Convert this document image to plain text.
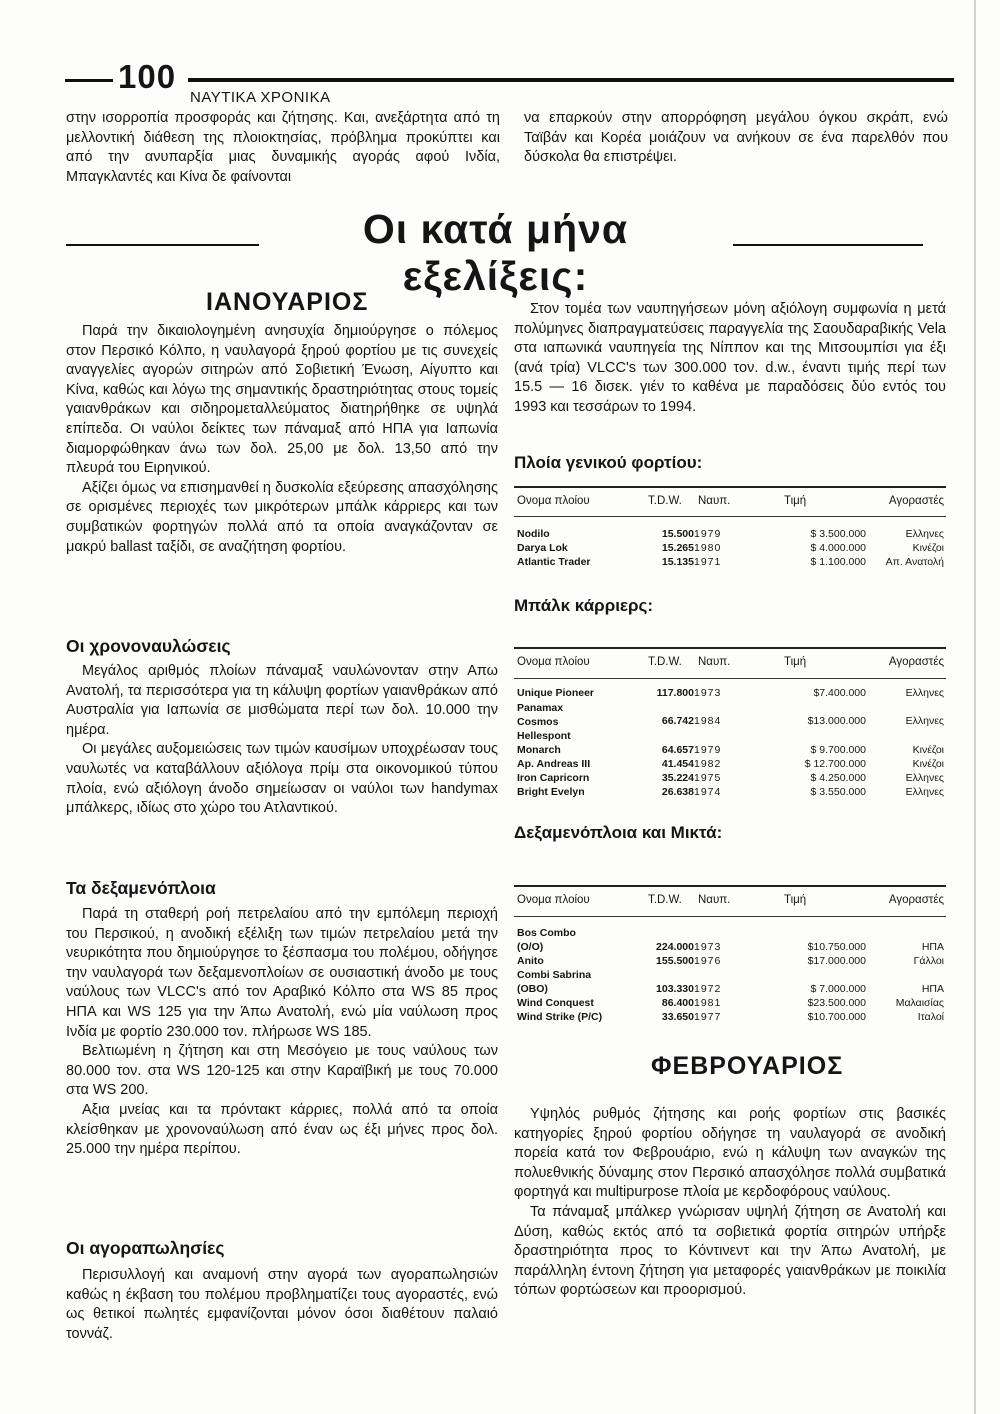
100
ΝΑΥΤΙΚΑ ΧΡΟΝΙΚΑ

στην ισορροπία προσφοράς και ζήτησης. Και, ανεξάρτητα από τη μελλοντική διάθεση της πλοιοκτησίας, πρόβλημα προκύπτει και από την ανυπαρξία μιας δυναμικής αγοράς αφού Ινδία, Μπαγκλαντές και Κίνα δε φαίνονται

να επαρκούν στην απορρόφηση μεγάλου όγκου σκράπ, ενώ Ταϊβάν και Κορέα μοιάζουν να ανήκουν σε ένα παρελθόν που δύσκολα θα επιστρέψει.

Οι κατά μήνα εξελίξεις:
ΙΑΝΟΥΑΡΙΟΣ

Παρά την δικαιολογημένη ανησυχία δημιούργησε ο πόλεμος στον Περσικό Κόλπο, η ναυλαγορά ξηρού φορτίου με τις συνεχείς αναγγελίες αγορών σιτηρών από Σοβιετική Ένωση, Αίγυπτο και Κίνα, καθώς και λόγω της σημαντικής δραστηριότητας στους τομείς γαιανθράκων και σιδηρομεταλλεύματος διατηρήθηκε σε υψηλά επίπεδα. Οι ναύλοι δείκτες των πάναμαξ από ΗΠΑ για Ιαπωνία διαμορφώθηκαν άνω των δολ. 25,00 με δολ. 13,50 από την πλευρά του Ειρηνικού.

Αξίζει όμως να επισημανθεί η δυσκολία εξεύρεσης απασχόλησης σε ορισμένες περιοχές των μικρότερων μπάλκ κάρριερς και των συμβατικών φορτηγών πολλά από τα οποία αναγκάζονταν σε μακρύ ballast ταξίδι, σε αναζήτηση φορτίου.

Οι χρονοναυλώσεις

Μεγάλος αριθμός πλοίων πάναμαξ ναυλώνονταν στην Απω Ανατολή, τα περισσότερα για τη κάλυψη φορτίων γαιανθράκων από Αυστραλία για Ιαπωνία σε μισθώματα περί των δολ. 10.000 την ημέρα.

Οι μεγάλες αυξομειώσεις των τιμών καυσίμων υποχρέωσαν τους ναυλωτές να καταβάλλουν αξιόλογα πρίμ στα οικονομικού τύπου πλοία, ενώ αξιόλογη άνοδο σημείωσαν οι ναύλοι των handymax μπάλκερς, ιδίως στο χώρο του Ατλαντικού.

Τα δεξαμενόπλοια

Παρά τη σταθερή ροή πετρελαίου από την εμπόλεμη περιοχή του Περσικού, η ανοδική εξέλιξη των τιμών πετρελαίου μετά την νευρικότητα που δημιούργησε το ξέσπασμα του πολέμου, οδήγησε την ναυλαγορά των δεξαμενοπλοίων σε ουσιαστική άνοδο με τους ναύλους των VLCC's από τον Αραβικό Κόλπο στα WS 85 προς ΗΠΑ και WS 125 για την Άπω Ανατολή, ενώ μία ναύλωση προς Ινδία με φορτίο 230.000 τον. πλήρωσε WS 185.

Βελτιωμένη η ζήτηση και στη Μεσόγειο με τους ναύλους των 80.000 τον. στα WS 120-125 και στην Καραϊβική με τους 70.000 στα WS 200.

Αξια μνείας και τα πρόντακτ κάρριες, πολλά από τα οποία κλείσθηκαν με χρονοναύλωση από έναν ως έξι μήνες προς δολ. 25.000 την ημέρα περίπου.

Οι αγοραπωλησίες

Περισυλλογή και αναμονή στην αγορά των αγοραπωλησιών καθώς η έκβαση του πολέμου προβληματίζει τους αγοραστές, ενώ ως θετικοί πωλητές εμφανίζονται μόνον όσοι διαθέτουν παλαιό τοννάζ.

Στον τομέα των ναυπηγήσεων μόνη αξιόλογη συμφωνία η μετά πολύμηνες διαπραγματεύσεις παραγγελία της Σαουδαραβικής Vela στα ιαπωνικά ναυπηγεία της Νίππον και της Μιτσουμπίσι για έξι (ανά τρία) VLCC's των 300.000 τον. d.w., έναντι τιμής περί των 15.5 — 16 δισεκ. γιέν το καθένα με παραδόσεις δύο εντός του 1993 και τεσσάρων το 1994.

Πλοία γενικού φορτίου:
Ονομα πλοίου	T.D.W. Ναυπ.	Τιμή	Αγοραστές
Nodilo	15.500 1979	$ 3.500.000	Ελληνες
Darya Lok	15.265 1980	$ 4.000.000	Κινέζοι
Atlantic Trader	15.135 1971	$ 1.100.000 Απ. Ανατολή
Μπάλκ κάρριερς:
Ονομα πλοίου	T.D.W. Ναυπ.	Τιμή	Αγοραστές
Unique Pioneer	117.800 1973	$7.400.000	Ελληνες
Panamax Cosmos	66.742 1984	$13.000.000	Ελληνες
Hellespont Monarch	64.657 1979	$ 9.700.000	Κινέζοι
Ap. Andreas III	41.454 1982	$ 12.700.000	Κινέζοι
Iron Capricorn	35.224 1975	$ 4.250.000	Ελληνες
Bright Evelyn	26.638 1974	$ 3.550.000	Ελληνες
Δεξαμενόπλοια και Μικτά:
Ονομα πλοίου	T.D.W. Ναυπ.	Τιμή	Αγοραστές
Bos Combo (O/O)	224.000 1973	$10.750.000	ΗΠΑ
Anito	155.500 1976	$17.000.000	Γάλλοι
Combi Sabrina (OBO)	103.330 1972	$ 7.000.000	ΗΠΑ
Wind Conquest	86.400 1981	$23.500.000	Μαλαισίας
Wind Strike (P/C)	33.650 1977	$10.700.000	Ιταλοί
ΦΕΒΡΟΥΑΡΙΟΣ

Υψηλός ρυθμός ζήτησης και ροής φορτίων στις βασικές κατηγορίες ξηρού φορτίου οδήγησε τη ναυλαγορά σε ανοδική πορεία κατά τον Φεβρουάριο, ενώ η κάλυψη των αναγκών της πολυεθνικής δύναμης στον Περσικό απασχόλησε πολλά συμβατικά φορτηγά και multipurpose πλοία με κερδοφόρους ναύλους.

Τα πάναμαξ μπάλκερ γνώρισαν υψηλή ζήτηση σε Ανατολή και Δύση, καθώς εκτός από τα σοβιετικά φορτία σιτηρών υπήρξε δραστηριότητα προς το Κόντινεντ και την Άπω Ανατολή, με παράλληλη έντονη ζήτηση για μεταφορές γαιανθράκων με ποικιλία τόπων φορτώσεων και προορισμού.
